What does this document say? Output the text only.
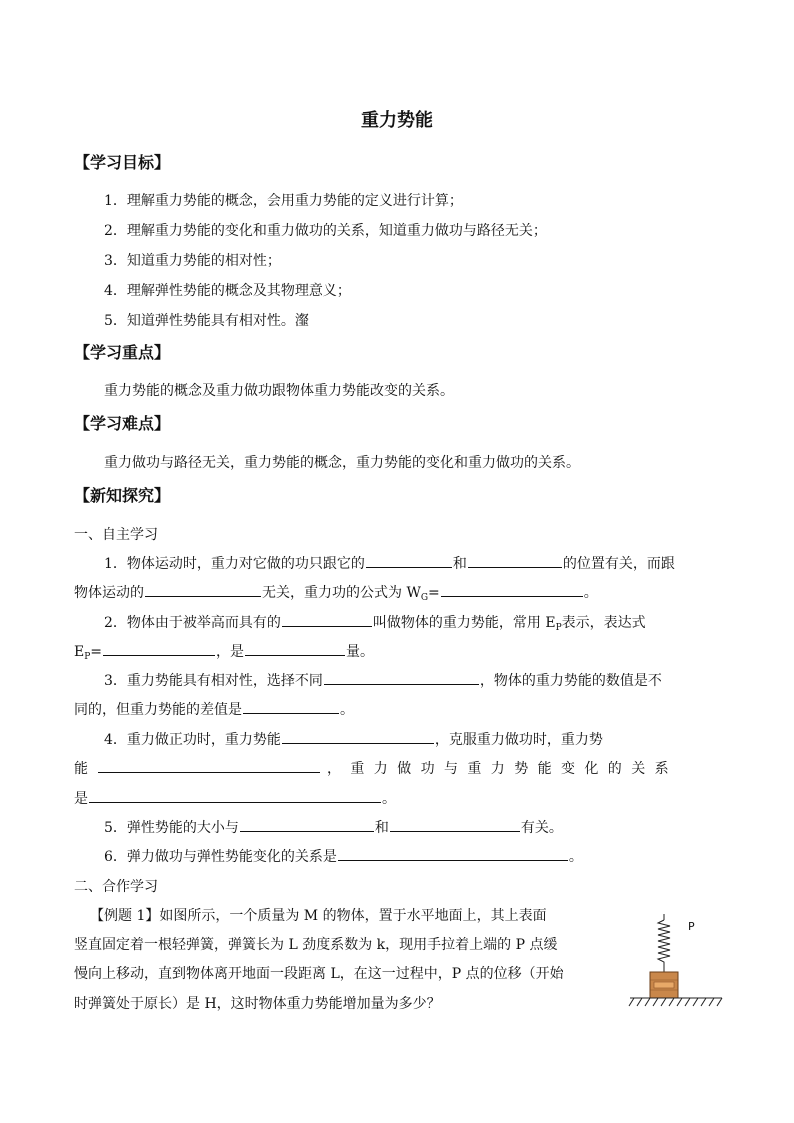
重力势能
【学习目标】
1．理解重力势能的概念，会用重力势能的定义进行计算；
2．理解重力势能的变化和重力做功的关系，知道重力做功与路径无关；
3．知道重力势能的相对性；
4．理解弹性势能的概念及其物理意义；
5．知道弹性势能具有相对性。瀣
【学习重点】
重力势能的概念及重力做功跟物体重力势能改变的关系。
【学习难点】
重力做功与路径无关，重力势能的概念，重力势能的变化和重力做功的关系。
【新知探究】
一、自主学习
1．物体运动时，重力对它做的功只跟它的	和	的位置有关，而跟
物体运动的	无关，重力功的公式为 $W_G=$	。
2．物体由于被举高而具有的	叫做物体的重力势能，常用 $E_P$表示，表达式
$E_P=$	，是	量。
3．重力势能具有相对性，选择不同	，物体的重力势能的数值是不
同的，但重力势能的差值是	。
4．重力做正功时，重力势能	，克服重力做功时，重力势
能	，重力做功与重力势能变化的关系
是	。
5．弹性势能的大小与	和	有关。
6．弹力做功与弹性势能变化的关系是	。
二、合作学习
【例题 1】如图所示，一个质量为 M 的物体，置于水平地面上，其上表面
竖直固定着一根轻弹簧，弹簧长为 L 劲度系数为 k，现用手拉着上端的 P 点缓
慢向上移动，直到物体离开地面一段距离 L，在这一过程中，P 点的位移（开始
时弹簧处于原长）是 H，这时物体重力势能增加量为多少？
P
